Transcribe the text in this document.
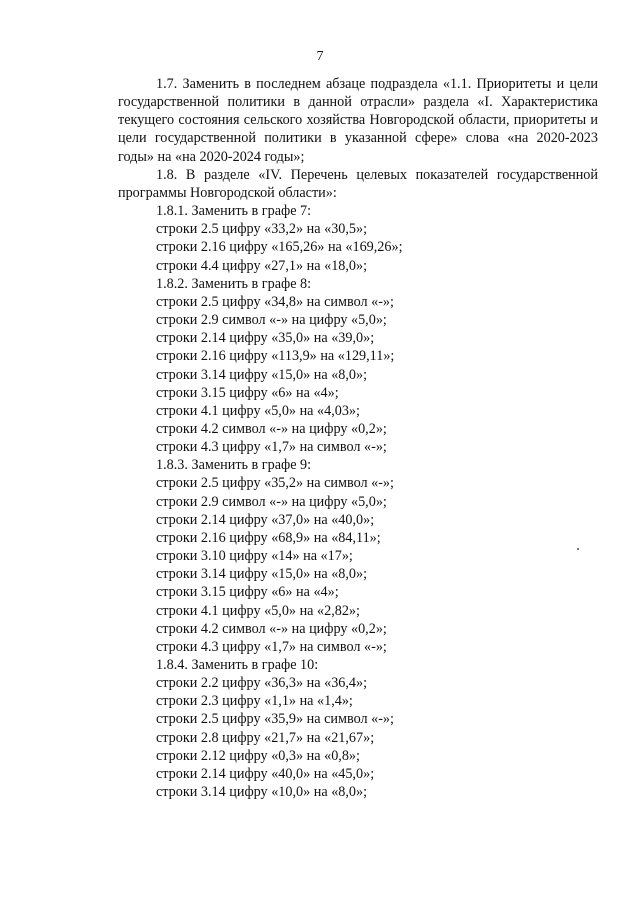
7

1.7. Заменить в последнем абзаце подраздела «1.1. Приоритеты и цели государственной политики в данной отрасли» раздела «I. Характеристика текущего состояния сельского хозяйства Новгородской области, приоритеты и цели государственной политики в указанной сфере» слова «на 2020-2023 годы» на «на 2020-2024 годы»;

1.8. В разделе «IV. Перечень целевых показателей государственной программы Новгородской области»:

1.8.1. Заменить в графе 7:

строки 2.5 цифру «33,2» на «30,5»;

строки 2.16 цифру «165,26» на «169,26»;

строки 4.4 цифру «27,1» на «18,0»;

1.8.2. Заменить в графе 8:

строки 2.5 цифру «34,8» на символ «-»;

строки 2.9 символ «-» на цифру «5,0»;

строки 2.14 цифру «35,0» на «39,0»;

строки 2.16 цифру «113,9» на «129,11»;

строки 3.14 цифру «15,0» на «8,0»;

строки 3.15 цифру «6» на «4»;

строки 4.1 цифру «5,0» на «4,03»;

строки 4.2 символ «-» на цифру «0,2»;

строки 4.3 цифру «1,7» на символ «-»;

1.8.3. Заменить в графе 9:

строки 2.5 цифру «35,2» на символ «-»;

строки 2.9 символ «-» на цифру «5,0»;

строки 2.14 цифру «37,0» на «40,0»;

строки 2.16 цифру «68,9» на «84,11»;

строки 3.10 цифру «14» на «17»;

строки 3.14 цифру «15,0» на «8,0»;

строки 3.15 цифру «6» на «4»;

строки 4.1 цифру «5,0» на «2,82»;

строки 4.2 символ «-» на цифру «0,2»;

строки 4.3 цифру «1,7» на символ «-»;

1.8.4. Заменить в графе 10:

строки 2.2 цифру «36,3» на «36,4»;

строки 2.3 цифру «1,1» на «1,4»;

строки 2.5 цифру «35,9» на символ «-»;

строки 2.8 цифру «21,7» на «21,67»;

строки 2.12 цифру «0,3» на «0,8»;

строки 2.14 цифру «40,0» на «45,0»;

строки 3.14 цифру «10,0» на «8,0»;
